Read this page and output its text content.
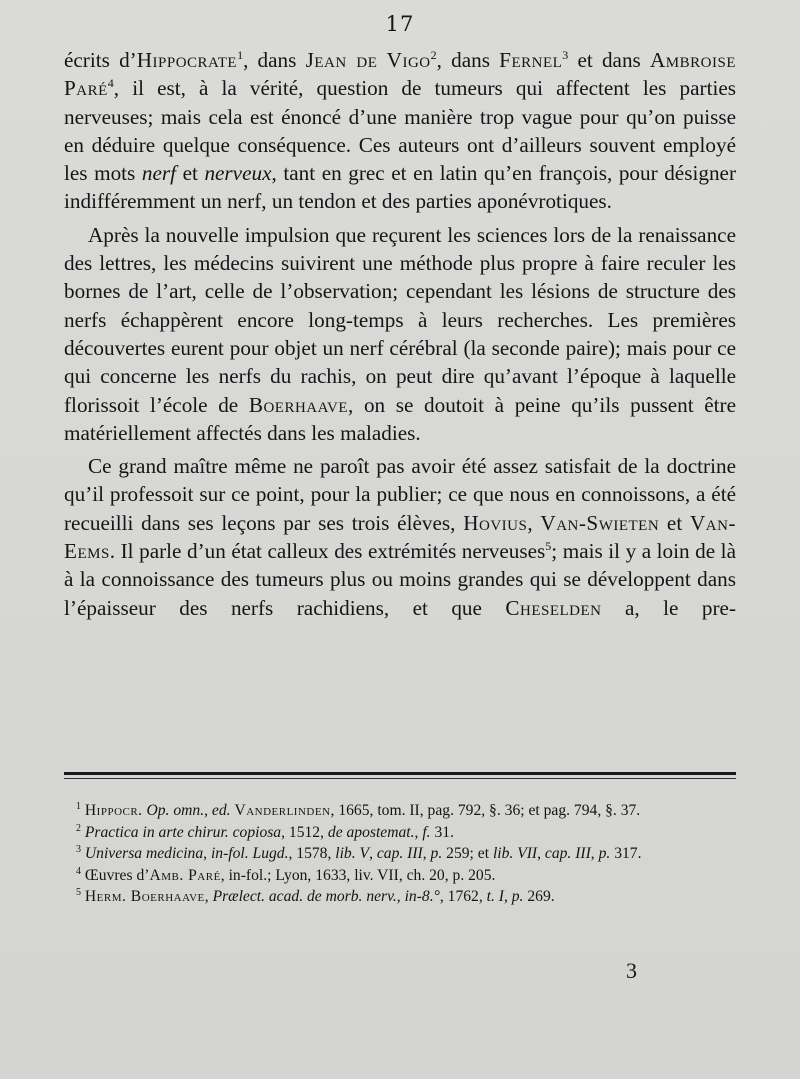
17

écrits d’Hippocrate$^1$, dans Jean de Vigo$^2$, dans Fernel$^3$ et dans Ambroise Paré$^4$, il est, à la vérité, question de tumeurs qui affectent les parties nerveuses; mais cela est énoncé d’une manière trop vague pour qu’on puisse en déduire quelque conséquence. Ces auteurs ont d’ailleurs souvent employé les mots nerf et nerveux, tant en grec et en latin qu’en françois, pour désigner indifféremment un nerf, un tendon et des parties aponévrotiques.

Après la nouvelle impulsion que reçurent les sciences lors de la renaissance des lettres, les médecins suivirent une méthode plus propre à faire reculer les bornes de l’art, celle de l’observation; cependant les lésions de structure des nerfs échappèrent encore long-temps à leurs recherches. Les premières découvertes eurent pour objet un nerf cérébral (la seconde paire); mais pour ce qui concerne les nerfs du rachis, on peut dire qu’avant l’époque à laquelle florissoit l’école de Boerhaave, on se doutoit à peine qu’ils pussent être matériellement affectés dans les maladies.

Ce grand maître même ne paroît pas avoir été assez satisfait de la doctrine qu’il professoit sur ce point, pour la publier; ce que nous en connoissons, a été recueilli dans ses leçons par ses trois élèves, Hovius, Van-Swieten et Van-Eems. Il parle d’un état calleux des extrémités nerveuses$^5$; mais il y a loin de là à la connoissance des tumeurs plus ou moins grandes qui se développent dans l’épaisseur des nerfs rachidiens, et que Cheselden a, le pre-

$^1$ Hippocr. Op. omn., ed. Vanderlinden, 1665, tom. II, pag. 792, §. 36; et pag. 794, §. 37.

$^2$ Practica in arte chirur. copiosa, 1512, de apostemat., f. 31.

$^3$ Universa medicina, in-fol. Lugd., 1578, lib. V, cap. III, p. 259; et lib. VII, cap. III, p. 317.

$^4$ Œuvres d’Amb. Paré, in-fol.; Lyon, 1633, liv. VII, ch. 20, p. 205.

$^5$ Herm. Boerhaave, Prælect. acad. de morb. nerv., in-8.°, 1762, t. I, p. 269.

3
